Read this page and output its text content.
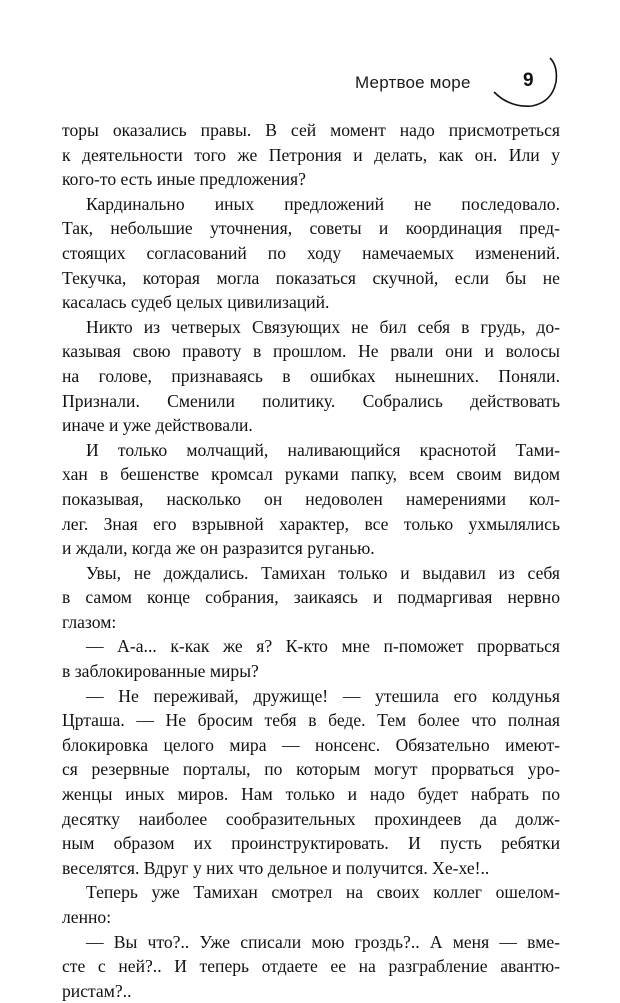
Мертвое море	9
торы оказались правы. В сей момент надо присмотреться
к деятельности того же Петрония и делать, как он. Или у
кого-то есть иные предложения?
Кардинально иных предложений не последовало.
Так, небольшие уточнения, советы и координация пред-
стоящих согласований по ходу намечаемых изменений.
Текучка, которая могла показаться скучной, если бы не
касалась судеб целых цивилизаций.
Никто из четверых Связующих не бил себя в грудь, до-
казывая свою правоту в прошлом. Не рвали они и волосы
на голове, признаваясь в ошибках нынешних. Поняли.
Признали. Сменили политику. Собрались действовать
иначе и уже действовали.
И только молчащий, наливающийся краснотой Тами-
хан в бешенстве кромсал руками папку, всем своим видом
показывая, насколько он недоволен намерениями кол-
лег. Зная его взрывной характер, все только ухмылялись
и ждали, когда же он разразится руганью.
Увы, не дождались. Тамихан только и выдавил из себя
в самом конце собрания, заикаясь и подмаргивая нервно
глазом:
— А-а... к-как же я? К-кто мне п-поможет прорваться
в заблокированные миры?
— Не переживай, дружище! — утешила его колдунья
Црташа. — Не бросим тебя в беде. Тем более что полная
блокировка целого мира — нонсенс. Обязательно имеют-
ся резервные порталы, по которым могут прорваться уро-
женцы иных миров. Нам только и надо будет набрать по
десятку наиболее сообразительных прохиндеев да долж-
ным образом их проинструктировать. И пусть ребятки
веселятся. Вдруг у них что дельное и получится. Хе-хе!..
Теперь уже Тамихан смотрел на своих коллег ошелом-
ленно:
— Вы что?.. Уже списали мою гроздь?.. А меня — вме-
сте с ней?.. И теперь отдаете ее на разграбление авантю-
ристам?..
